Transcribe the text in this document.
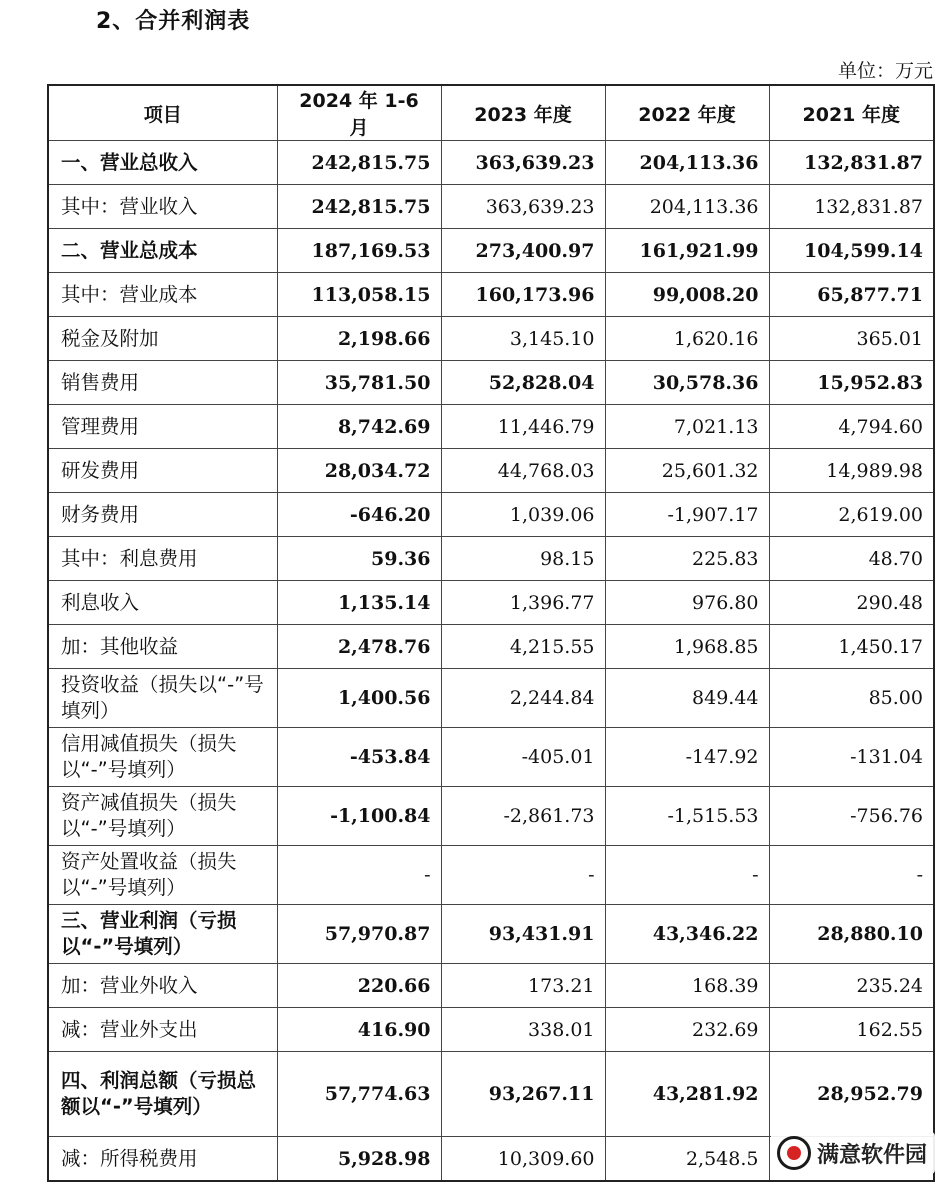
2、合并利润表
单位：万元
项目	2024 年 1-6 月	2023 年度	2022 年度	2021 年度
一、营业总收入	242,815.75	363,639.23	204,113.36	132,831.87
其中：营业收入	242,815.75	363,639.23	204,113.36	132,831.87
二、营业总成本	187,169.53	273,400.97	161,921.99	104,599.14
其中：营业成本	113,058.15	160,173.96	99,008.20	65,877.71
税金及附加	2,198.66	3,145.10	1,620.16	365.01
销售费用	35,781.50	52,828.04	30,578.36	15,952.83
管理费用	8,742.69	11,446.79	7,021.13	4,794.60
研发费用	28,034.72	44,768.03	25,601.32	14,989.98
财务费用	-646.20	1,039.06	-1,907.17	2,619.00
其中：利息费用	59.36	98.15	225.83	48.70
利息收入	1,135.14	1,396.77	976.80	290.48
加：其他收益	2,478.76	4,215.55	1,968.85	1,450.17
投资收益（损失以“-”号填列）	1,400.56	2,244.84	849.44	85.00
信用减值损失（损失以“-”号填列）	-453.84	-405.01	-147.92	-131.04
资产减值损失（损失以“-”号填列）	-1,100.84	-2,861.73	-1,515.53	-756.76
资产处置收益（损失以“-”号填列）	-	-	-	-
三、营业利润（亏损以“-”号填列）	57,970.87	93,431.91	43,346.22	28,880.10
加：营业外收入	220.66	173.21	168.39	235.24
减：营业外支出	416.90	338.01	232.69	162.55
四、利润总额（亏损总额以“-”号填列）	57,774.63	93,267.11	43,281.92	28,952.79
减：所得税费用	5,928.98	10,309.60	2,548.5		满意软件园
